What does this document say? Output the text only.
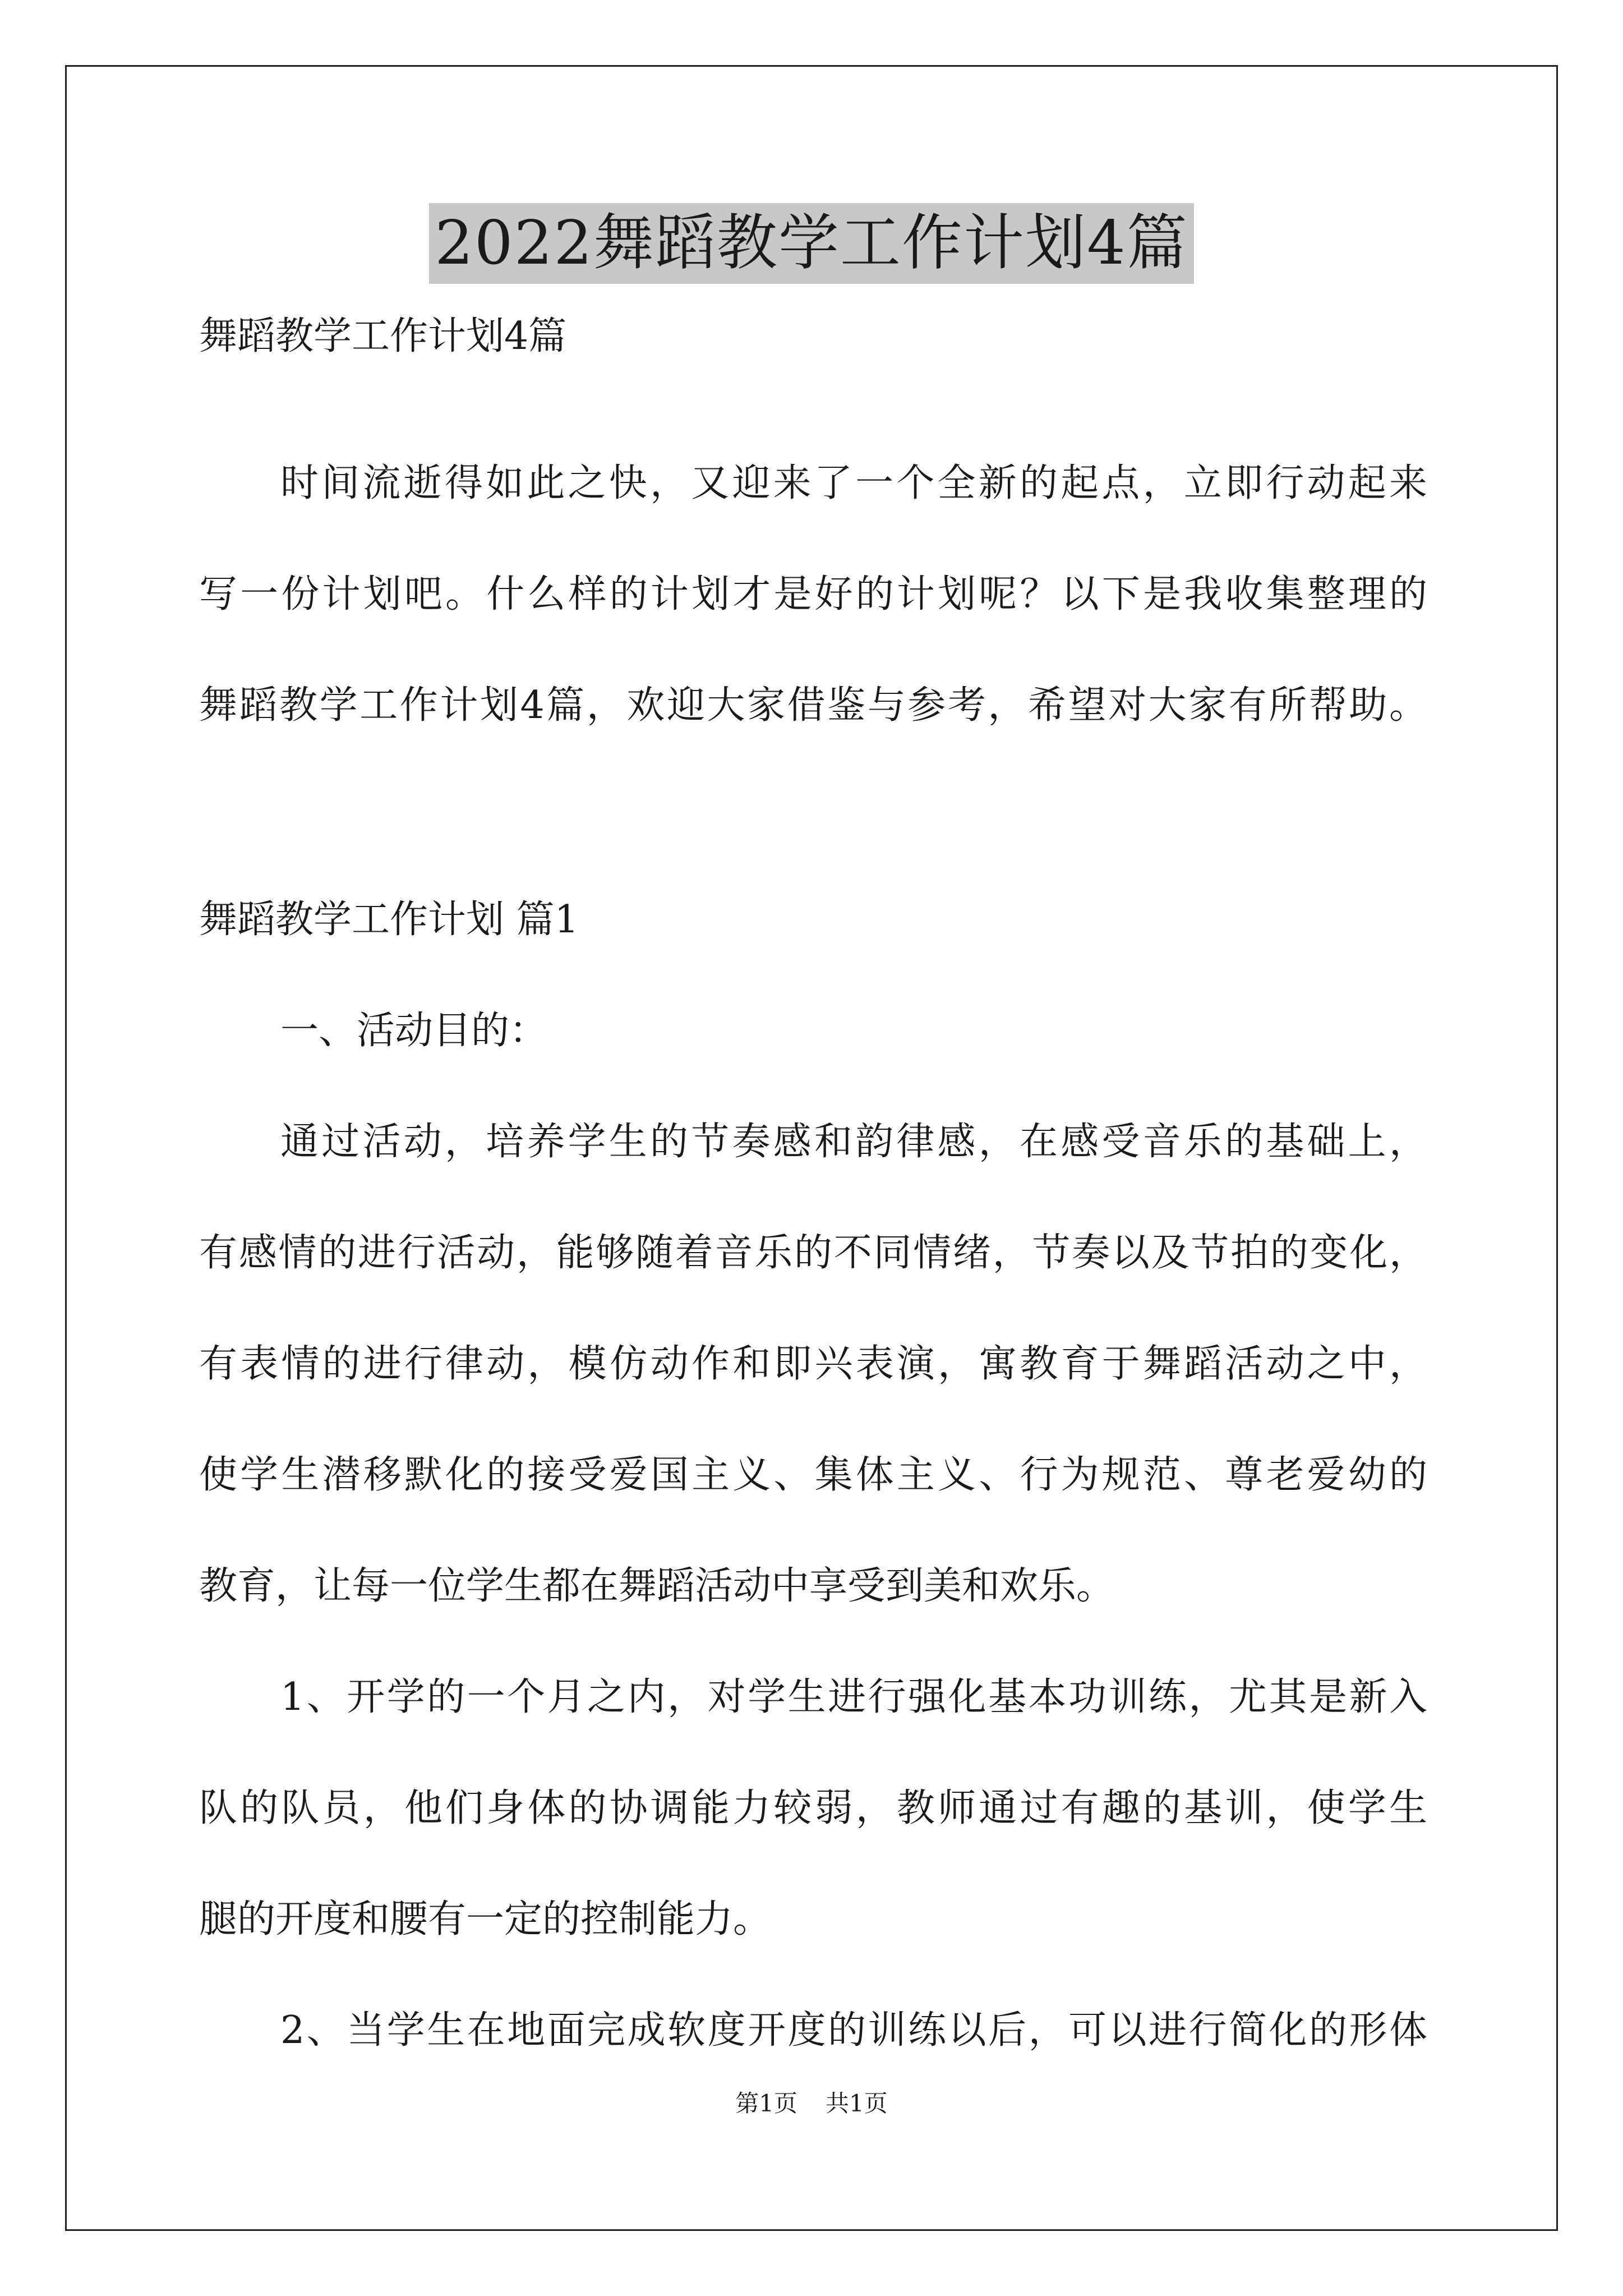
2022舞蹈教学工作计划4篇
舞蹈教学工作计划4篇
时间流逝得如此之快，又迎来了一个全新的起点，立即行动起来
写一份计划吧。什么样的计划才是好的计划呢？以下是我收集整理的
舞蹈教学工作计划4篇，欢迎大家借鉴与参考，希望对大家有所帮助。
舞蹈教学工作计划 篇1
一、活动目的：
通过活动，培养学生的节奏感和韵律感，在感受音乐的基础上，
有感情的进行活动，能够随着音乐的不同情绪，节奏以及节拍的变化，
有表情的进行律动，模仿动作和即兴表演，寓教育于舞蹈活动之中，
使学生潜移默化的接受爱国主义、集体主义、行为规范、尊老爱幼的
教育，让每一位学生都在舞蹈活动中享受到美和欢乐。
1、开学的一个月之内，对学生进行强化基本功训练，尤其是新入
队的队员，他们身体的协调能力较弱，教师通过有趣的基训，使学生
腿的开度和腰有一定的控制能力。
2、当学生在地面完成软度开度的训练以后，可以进行简化的形体
第1页 共1页
